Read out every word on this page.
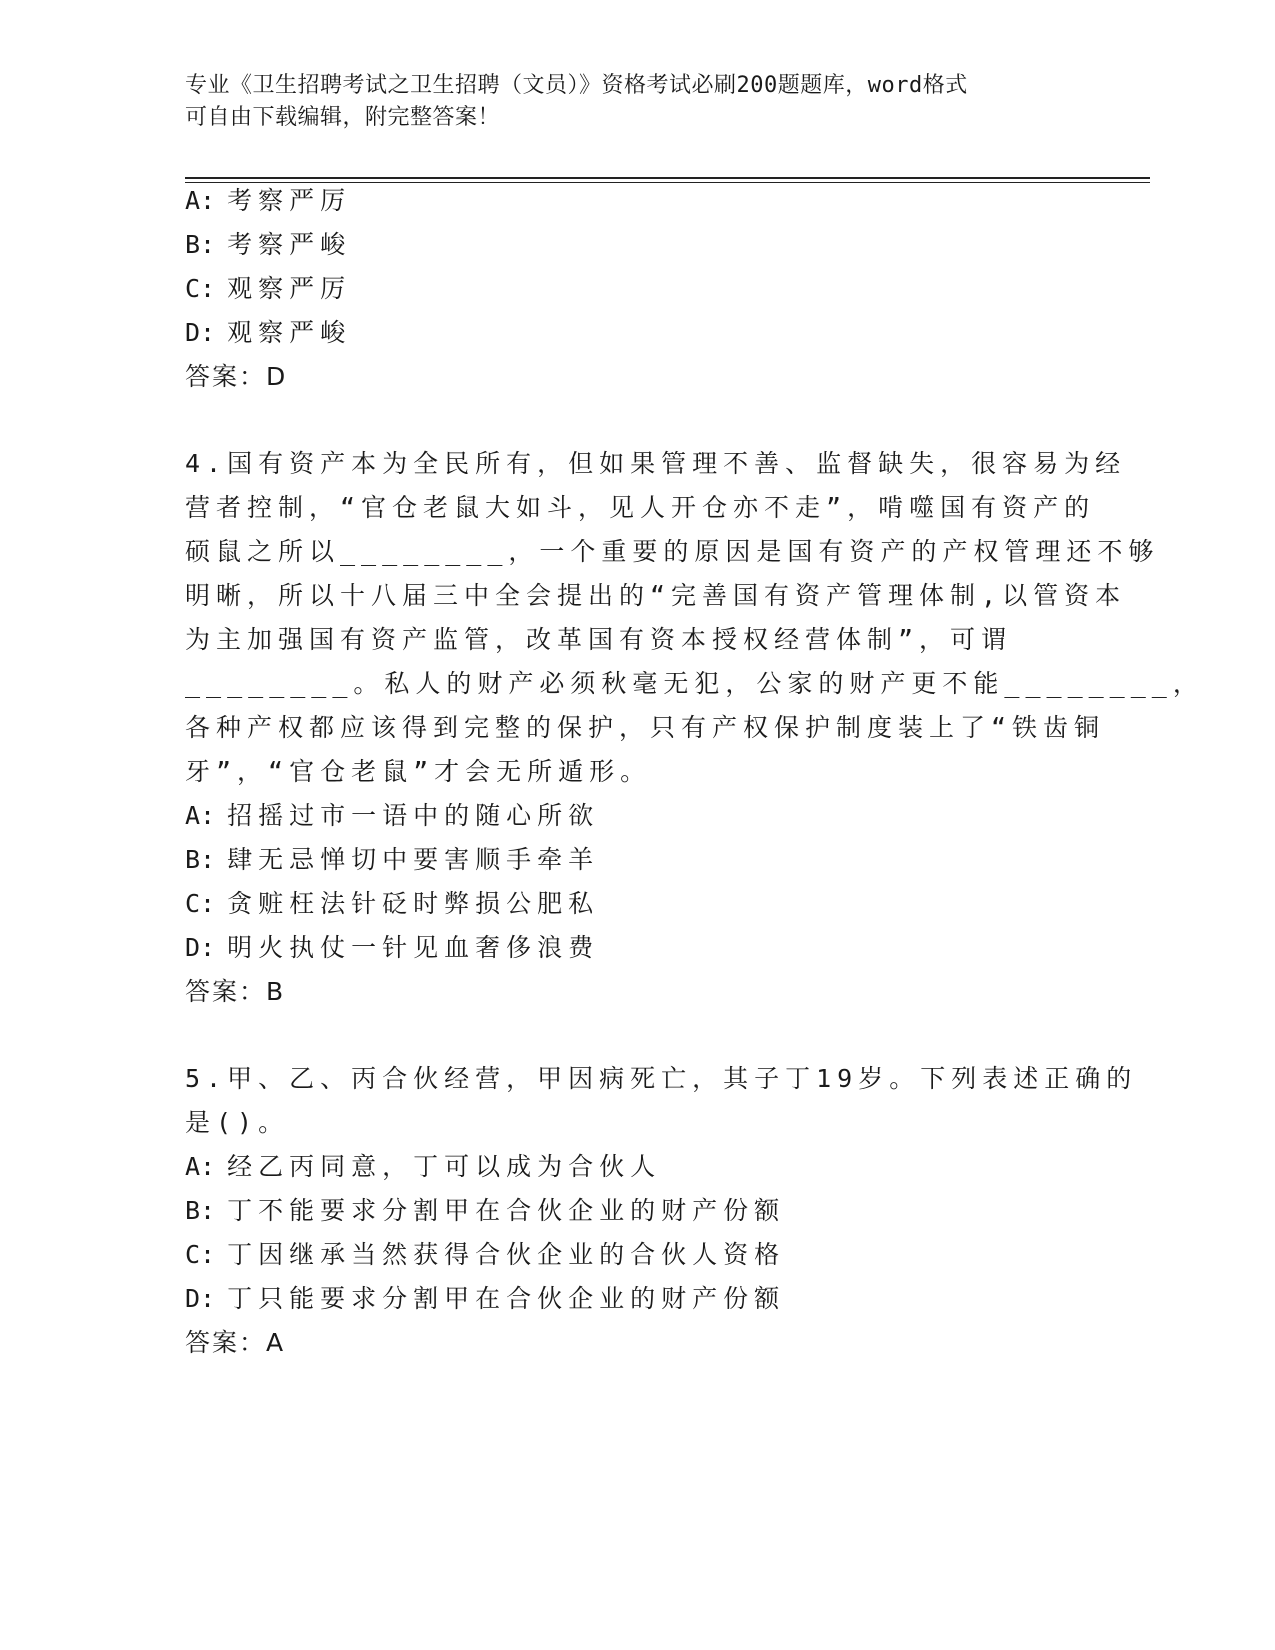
专业《卫生招聘考试之卫生招聘（文员）》资格考试必刷200题题库，word格式
可自由下载编辑，附完整答案！
A: 考察严厉
B: 考察严峻
C: 观察严厉
D: 观察严峻
答案：D
4.国有资产本为全民所有，但如果管理不善、监督缺失，很容易为经
营者控制，“官仓老鼠大如斗，见人开仓亦不走”，啃噬国有资产的
硕鼠之所以________，一个重要的原因是国有资产的产权管理还不够
明晰，所以十八届三中全会提出的“完善国有资产管理体制,以管资本
为主加强国有资产监管，改革国有资本授权经营体制”，可谓
________。私人的财产必须秋毫无犯，公家的财产更不能________，
各种产权都应该得到完整的保护，只有产权保护制度装上了“铁齿铜
牙”，“官仓老鼠”才会无所遁形。
A: 招摇过市一语中的随心所欲
B: 肆无忌惮切中要害顺手牵羊
C: 贪赃枉法针砭时弊损公肥私
D: 明火执仗一针见血奢侈浪费
答案：B
5.甲、乙、丙合伙经营，甲因病死亡，其子丁19岁。下列表述正确的
是()。
A: 经乙丙同意，丁可以成为合伙人
B: 丁不能要求分割甲在合伙企业的财产份额
C: 丁因继承当然获得合伙企业的合伙人资格
D: 丁只能要求分割甲在合伙企业的财产份额
答案：A
